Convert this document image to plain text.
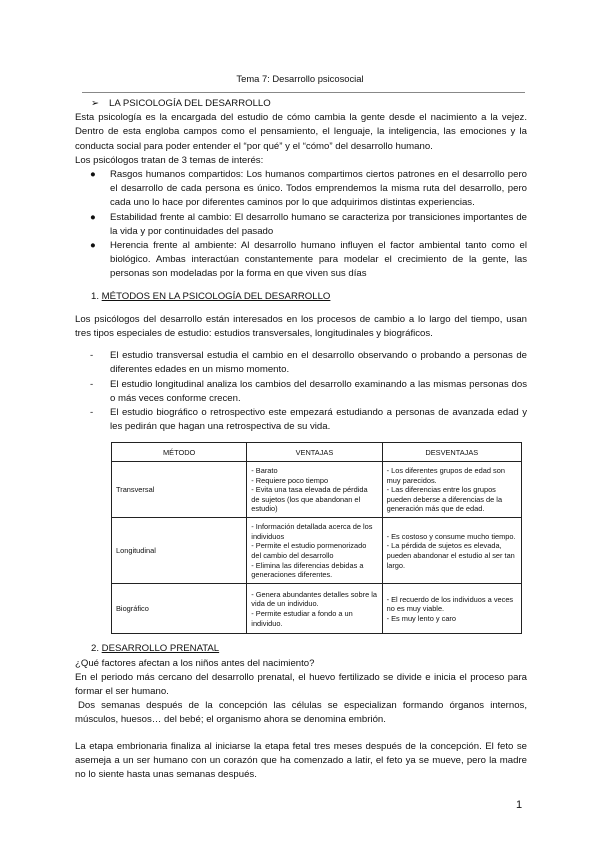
Tema 7: Desarrollo psicosocial
➢ LA PSICOLOGÍA DEL DESARROLLO
Esta psicología es la encargada del estudio de cómo cambia la gente desde el nacimiento a la vejez. Dentro de esta engloba campos como el pensamiento, el lenguaje, la inteligencia, las emociones y la conducta social para poder entender el “por qué” y el “cómo” del desarrollo humano.
Los psicólogos tratan de 3 temas de interés:
● Rasgos humanos compartidos: Los humanos compartimos ciertos patrones en el desarrollo pero el desarrollo de cada persona es único. Todos emprendemos la misma ruta del desarrollo, pero cada uno lo hace por diferentes caminos por lo que adquirimos distintas experiencias.
● Estabilidad frente al cambio: El desarrollo humano se caracteriza por transiciones importantes de la vida y por continuidades del pasado
● Herencia frente al ambiente: Al desarrollo humano influyen el factor ambiental tanto como el biológico. Ambas interactúan constantemente para modelar el crecimiento de la gente, las personas son modeladas por la forma en que viven sus días
1. MÉTODOS EN LA PSICOLOGÍA DEL DESARROLLO
Los psicólogos del desarrollo están interesados en los procesos de cambio a lo largo del tiempo, usan tres tipos especiales de estudio: estudios transversales, longitudinales y biográficos.
- El estudio transversal estudia el cambio en el desarrollo observando o probando a personas de diferentes edades en un mismo momento.
- El estudio longitudinal analiza los cambios del desarrollo examinando a las mismas personas dos o más veces conforme crecen.
- El estudio biográfico o retrospectivo este empezará estudiando a personas de avanzada edad y les pedirán que hagan una retrospectiva de su vida.
MÉTODO	VENTAJAS	DESVENTAJAS
Transversal	- Barato
- Requiere poco tiempo
- Evita una tasa elevada de pérdida de sujetos (los que abandonan el estudio)	- Los diferentes grupos de edad son muy parecidos.
- Las diferencias entre los grupos pueden deberse a diferencias de la generación más que de edad.

Longitudinal	- Información detallada acerca de los individuos
- Permite el estudio pormenorizado del cambio del desarrollo
- Elimina las diferencias debidas a generaciones diferentes.	- Es costoso y consume mucho tiempo.
- La pérdida de sujetos es elevada, pueden abandonar el estudio al ser tan largo.

Biográfico	- Genera abundantes detalles sobre la vida de un individuo.
- Permite estudiar a fondo a un individuo.	- El recuerdo de los individuos a veces no es muy viable.
- Es muy lento y caro
2. DESARROLLO PRENATAL
¿Qué factores afectan a los niños antes del nacimiento?
En el periodo más cercano del desarrollo prenatal, el huevo fertilizado se divide e inicia el proceso para formar el ser humano.
Dos semanas después de la concepción las células se especializan formando órganos internos, músculos, huesos… del bebé; el organismo ahora se denomina embrión.
La etapa embrionaria finaliza al iniciarse la etapa fetal tres meses después de la concepción. El feto se asemeja a un ser humano con un corazón que ha comenzado a latir, el feto ya se mueve, pero la madre no lo siente hasta unas semanas después.
1
